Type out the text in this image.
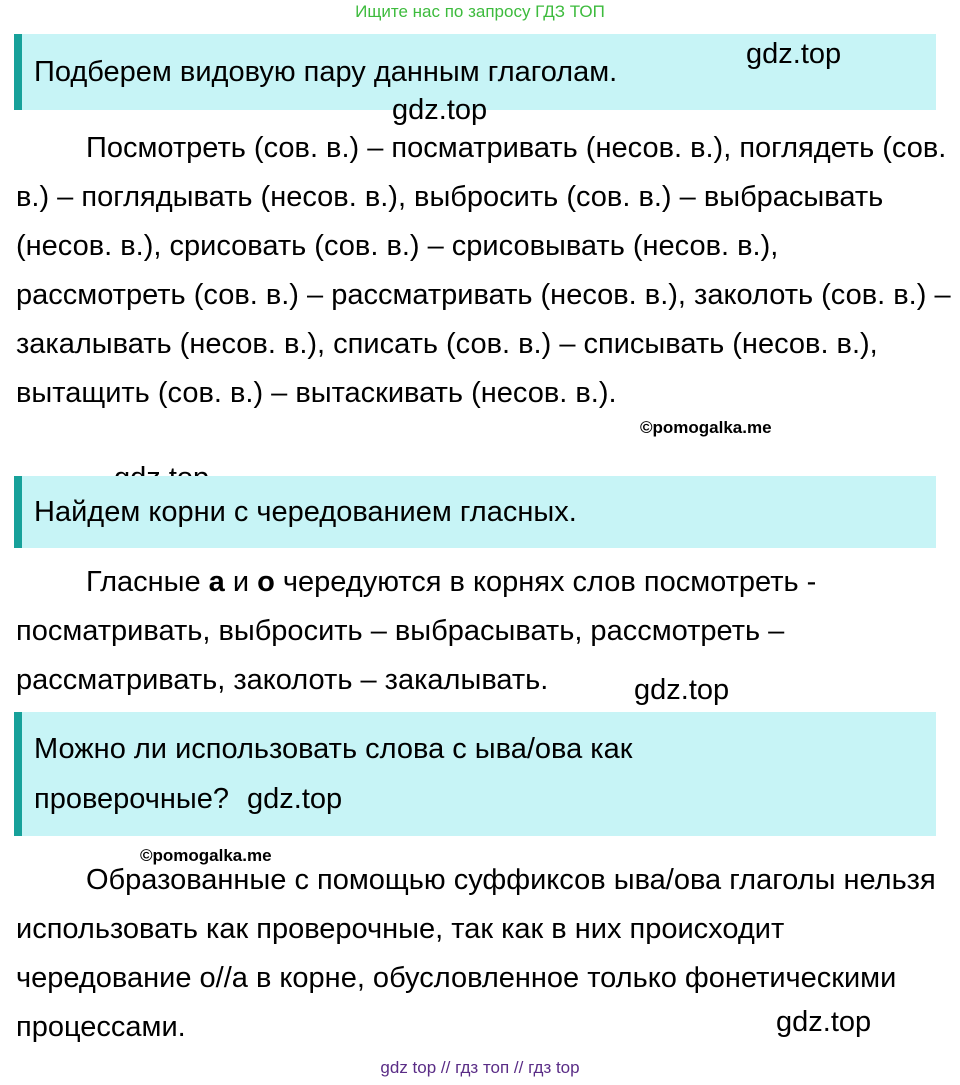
Ищите нас по запросу ГДЗ ТОП
Подберем видовую пару данным глаголам.
gdz.top
gdz.top

Посмотреть (сов. в.) – посматривать (несов. в.), поглядеть (сов. в.) – поглядывать (несов. в.), выбросить (сов. в.) – выбрасывать (несов. в.), срисовать (сов. в.) – срисовывать (несов. в.), рассмотреть (сов. в.) – рассматривать (несов. в.), заколоть (сов. в.) – закалывать (несов. в.), списать (сов. в.) – списывать (несов. в.), вытащить (сов. в.) – вытаскивать (несов. в.).

©pomogalka.me
Найдем корни с чередованием гласных.

Гласные а и о чередуются в корнях слов посмотреть - посматривать, выбросить – выбрасывать, рассмотреть – рассматривать, заколоть – закалывать.	gdz.top
Можно ли использовать слова с ыва/ова как
проверочные? gdz.top
©pomogalka.me

Образованные с помощью суффиксов ыва/ова глаголы нельзя использовать как проверочные, так как в них происходит чередование о//а в корне, обусловленное только фонетическими процессами.	gdz.top
gdz top // гдз топ // гдз top
